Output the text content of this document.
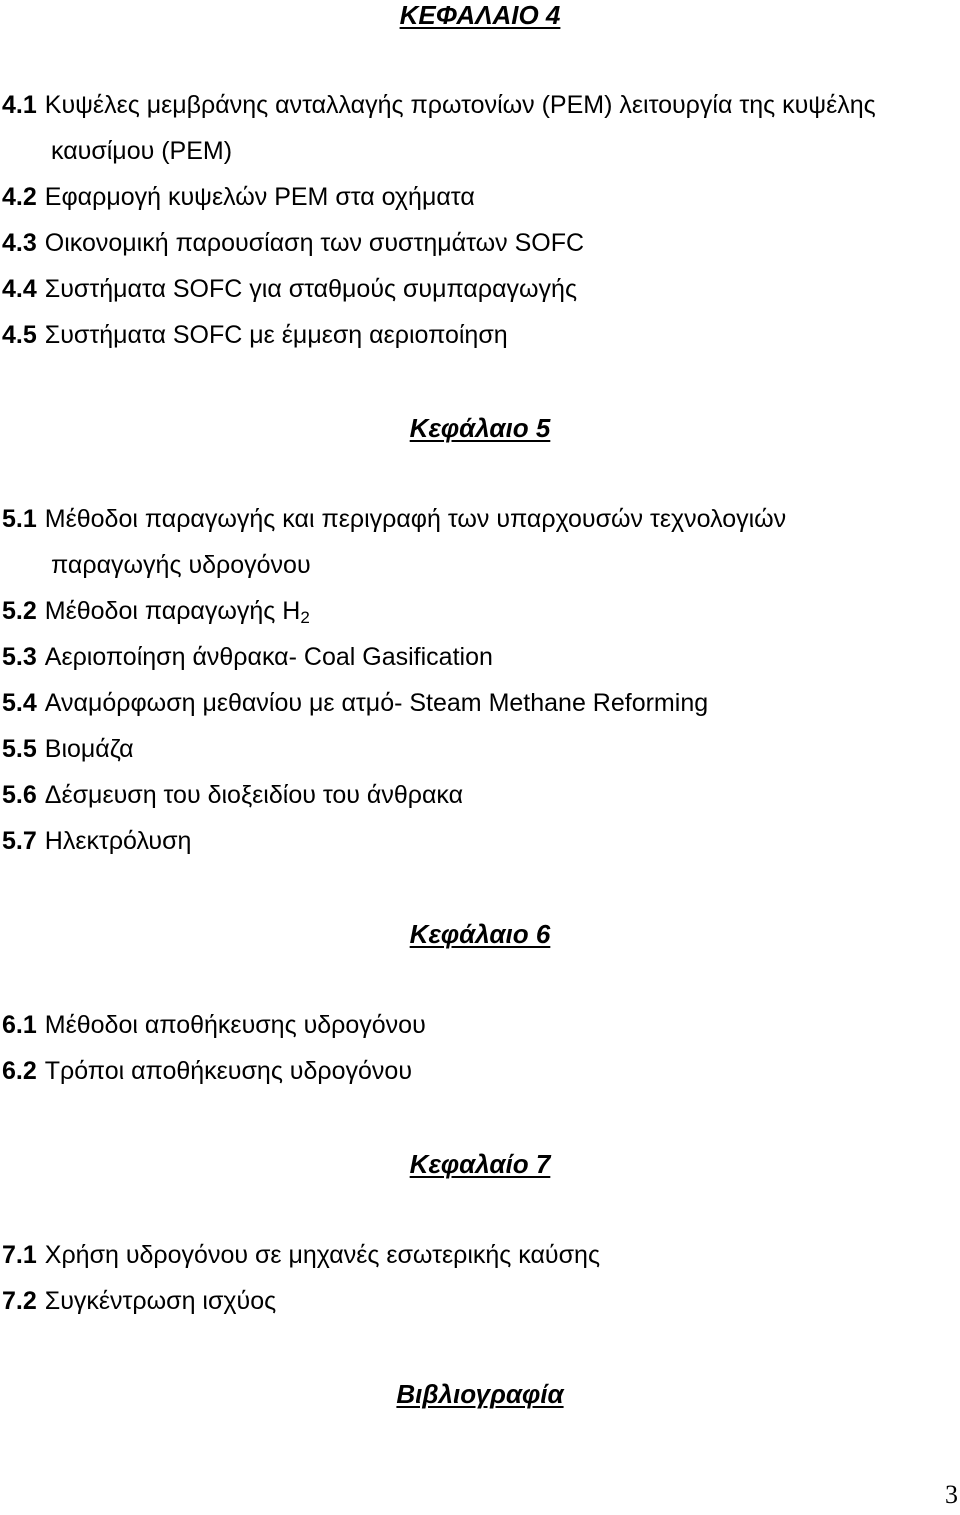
ΚΕΦΑΛΑΙΟ 4
4.1 Κυψέλες μεμβράνης ανταλλαγής πρωτονίων (PEM) λειτουργία της κυψέλης
καυσίμου (PEM)
4.2 Εφαρμογή κυψελών PEM στα οχήματα
4.3 Οικονομική παρουσίαση των συστημάτων SOFC
4.4 Συστήματα SOFC για σταθμούς συμπαραγωγής
4.5 Συστήματα SOFC με έμμεση αεριοποίηση
Κεφάλαιο 5
5.1 Μέθοδοι παραγωγής και περιγραφή των υπαρχουσών τεχνολογιών
παραγωγής υδρογόνου
5.2 Μέθοδοι παραγωγής $H_2$
5.3 Αεριοποίηση άνθρακα- Coal Gasification
5.4 Αναμόρφωση μεθανίου με ατμό- Steam Methane Reforming
5.5 Βιομάζα
5.6 Δέσμευση του διοξειδίου του άνθρακα
5.7 Ηλεκτρόλυση
Κεφάλαιο 6
6.1 Μέθοδοι αποθήκευσης υδρογόνου
6.2 Τρόποι αποθήκευσης υδρογόνου
Κεφαλαίο 7
7.1 Χρήση υδρογόνου σε μηχανές εσωτερικής καύσης
7.2 Συγκέντρωση ισχύος
Βιβλιογραφία
3
